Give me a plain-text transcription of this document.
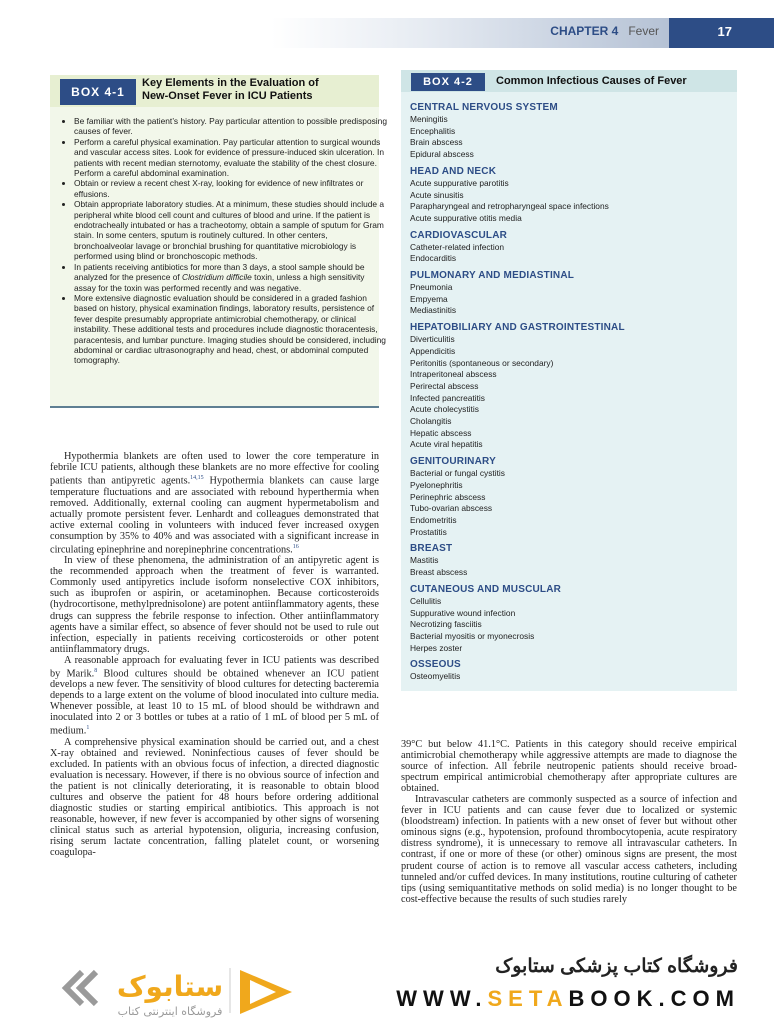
CHAPTER 4 Fever	17
BOX 4-1
Key Elements in the Evaluation of
New-Onset Fever in ICU Patients
• Be familiar with the patient’s history. Pay particular attention to possible predisposing causes of fever.
• Perform a careful physical examination. Pay particular attention to surgical wounds and vascular access sites. Look for evidence of pressure-induced skin ulceration. In patients with recent median sternotomy, evaluate the stability of the chest closure. Perform a careful abdominal examination.
• Obtain or review a recent chest X-ray, looking for evidence of new infiltrates or effusions.
• Obtain appropriate laboratory studies. At a minimum, these studies should include a peripheral white blood cell count and cultures of blood and urine. If the patient is endotracheally intubated or has a tracheotomy, obtain a sample of sputum for Gram stain. In some centers, sputum is routinely cultured. In other centers, bronchoalveolar lavage or bronchial brushing for quantitative microbiology is performed using blind or bronchoscopic methods.
• In patients receiving antibiotics for more than 3 days, a stool sample should be analyzed for the presence of Clostridium difficile toxin, unless a high sensitivity assay for the toxin was performed recently and was negative.
• More extensive diagnostic evaluation should be considered in a graded fashion based on history, physical examination findings, laboratory results, persistence of fever despite presumably appropriate antimicrobial chemotherapy, or clinical instability. These additional tests and procedures include diagnostic thoracentesis, paracentesis, and lumbar puncture. Imaging studies should be considered, including abdominal or cardiac ultrasonography and head, chest, or abdominal computed tomography.
BOX 4-2	Common Infectious Causes of Fever
CENTRAL NERVOUS SYSTEM
Meningitis
Encephalitis
Brain abscess
Epidural abscess
HEAD AND NECK
Acute suppurative parotitis
Acute sinusitis
Parapharyngeal and retropharyngeal space infections
Acute suppurative otitis media
CARDIOVASCULAR
Catheter-related infection
Endocarditis
PULMONARY AND MEDIASTINAL
Pneumonia
Empyema
Mediastinitis
HEPATOBILIARY AND GASTROINTESTINAL
Diverticulitis
Appendicitis
Peritonitis (spontaneous or secondary)
Intraperitoneal abscess
Perirectal abscess
Infected pancreatitis
Acute cholecystitis
Cholangitis
Hepatic abscess
Acute viral hepatitis
GENITOURINARY
Bacterial or fungal cystitis
Pyelonephritis
Perinephric abscess
Tubo-ovarian abscess
Endometritis
Prostatitis
BREAST
Mastitis
Breast abscess
CUTANEOUS AND MUSCULAR
Cellulitis
Suppurative wound infection
Necrotizing fasciitis
Bacterial myositis or myonecrosis
Herpes zoster
OSSEOUS
Osteomyelitis

Hypothermia blankets are often used to lower the core temperature in febrile ICU patients, although these blankets are no more effective for cooling patients than antipyretic agents.$^{14,15}$ Hypothermia blankets can cause large temperature fluctuations and are associated with rebound hyperthermia when removed. Additionally, external cooling can augment hypermetabolism and actually promote persistent fever. Lenhardt and colleagues demonstrated that active external cooling in volunteers with induced fever increased oxygen consumption by 35% to 40% and was associated with a significant increase in circulating epinephrine and norepinephrine concentrations.$^{16}$

In view of these phenomena, the administration of an antipyretic agent is the recommended approach when the treatment of fever is warranted. Commonly used antipyretics include isoform nonselective COX inhibitors, such as ibuprofen or aspirin, or acetaminophen. Because corticosteroids (hydrocortisone, methylprednisolone) are potent antiinflammatory agents, these drugs can suppress the febrile response to infection. Other antiinflammatory agents have a similar effect, so absence of fever should not be used to rule out infection, especially in patients receiving corticosteroids or other potent antiinflammatory drugs.

A reasonable approach for evaluating fever in ICU patients was described by Marik.$^8$ Blood cultures should be obtained whenever an ICU patient develops a new fever. The sensitivity of blood cultures for detecting bacteremia depends to a large extent on the volume of blood inoculated into culture media. Whenever possible, at least 10 to 15 mL of blood should be withdrawn and inoculated into 2 or 3 bottles or tubes at a ratio of 1 mL of blood per 5 mL of medium.$^1$

A comprehensive physical examination should be carried out, and a chest X-ray obtained and reviewed. Noninfectious causes of fever should be excluded. In patients with an obvious focus of infection, a directed diagnostic evaluation is necessary. However, if there is no obvious source of infection and the patient is not clinically deteriorating, it is reasonable to obtain blood cultures and observe the patient for 48 hours before ordering additional diagnostic studies or starting empirical antibiotics. This approach is not reasonable, however, if new fever is accompanied by other signs of worsening clinical status such as arterial hypotension, oliguria, increasing confusion, rising serum lactate concentration, falling platelet count, or worsening coagulopa-

39°C but below 41.1°C. Patients in this category should receive empirical antimicrobial chemotherapy while aggressive attempts are made to diagnose the source of infection. All febrile neutropenic patients should receive broad-spectrum empirical antimicrobial chemotherapy after appropriate cultures are obtained.

Intravascular catheters are commonly suspected as a source of infection and fever in ICU patients and can cause fever due to localized or systemic (bloodstream) infection. In patients with a new onset of fever but without other ominous signs (e.g., hypotension, profound thrombocytopenia, acute respiratory distress syndrome), it is unnecessary to remove all intravascular catheters. In contrast, if one or more of these (or other) ominous signs are present, the most prudent course of action is to remove all vascular access catheters, including tunneled and/or cuffed devices. In many institutions, routine culturing of catheter tips (using semiquantitative methods on solid media) is no longer thought to be cost-effective because the results of such studies rarely

ستابوک
فروشگاه اینترنتی کتاب
فروشگاه کتاب پزشکی ستابوک
WWW.SETABOOK.COM
